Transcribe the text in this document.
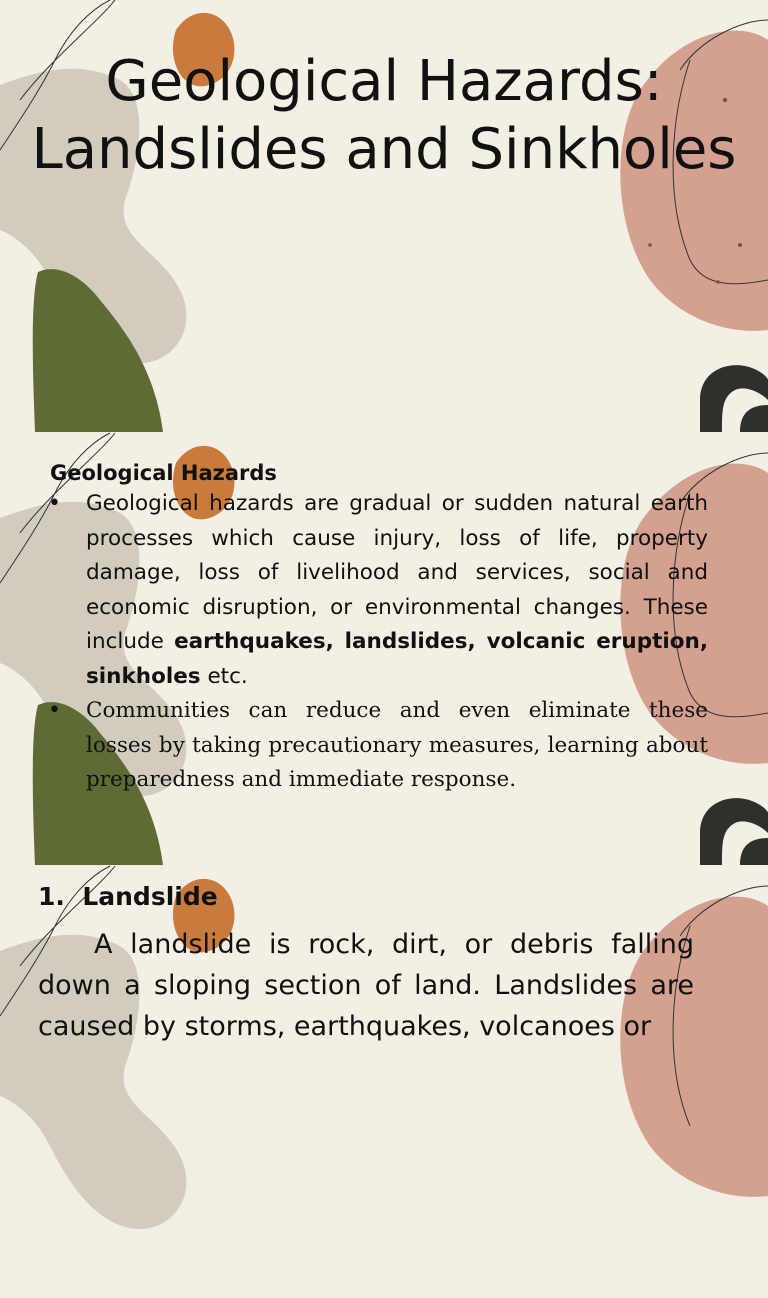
Geological Hazards: Landslides and Sinkholes

Geological Hazards

• Geological hazards are gradual or sudden natural earth processes which cause injury, loss of life, property damage, loss of livelihood and services, social and economic disruption, or environmental changes. These include earthquakes, landslides, volcanic eruption, sinkholes etc.
• Communities can reduce and even eliminate these losses by taking precautionary measures, learning about preparedness and immediate response.

1. Landslide

A landslide is rock, dirt, or debris falling down a sloping section of land. Landslides are caused by storms, earthquakes, volcanoes or
